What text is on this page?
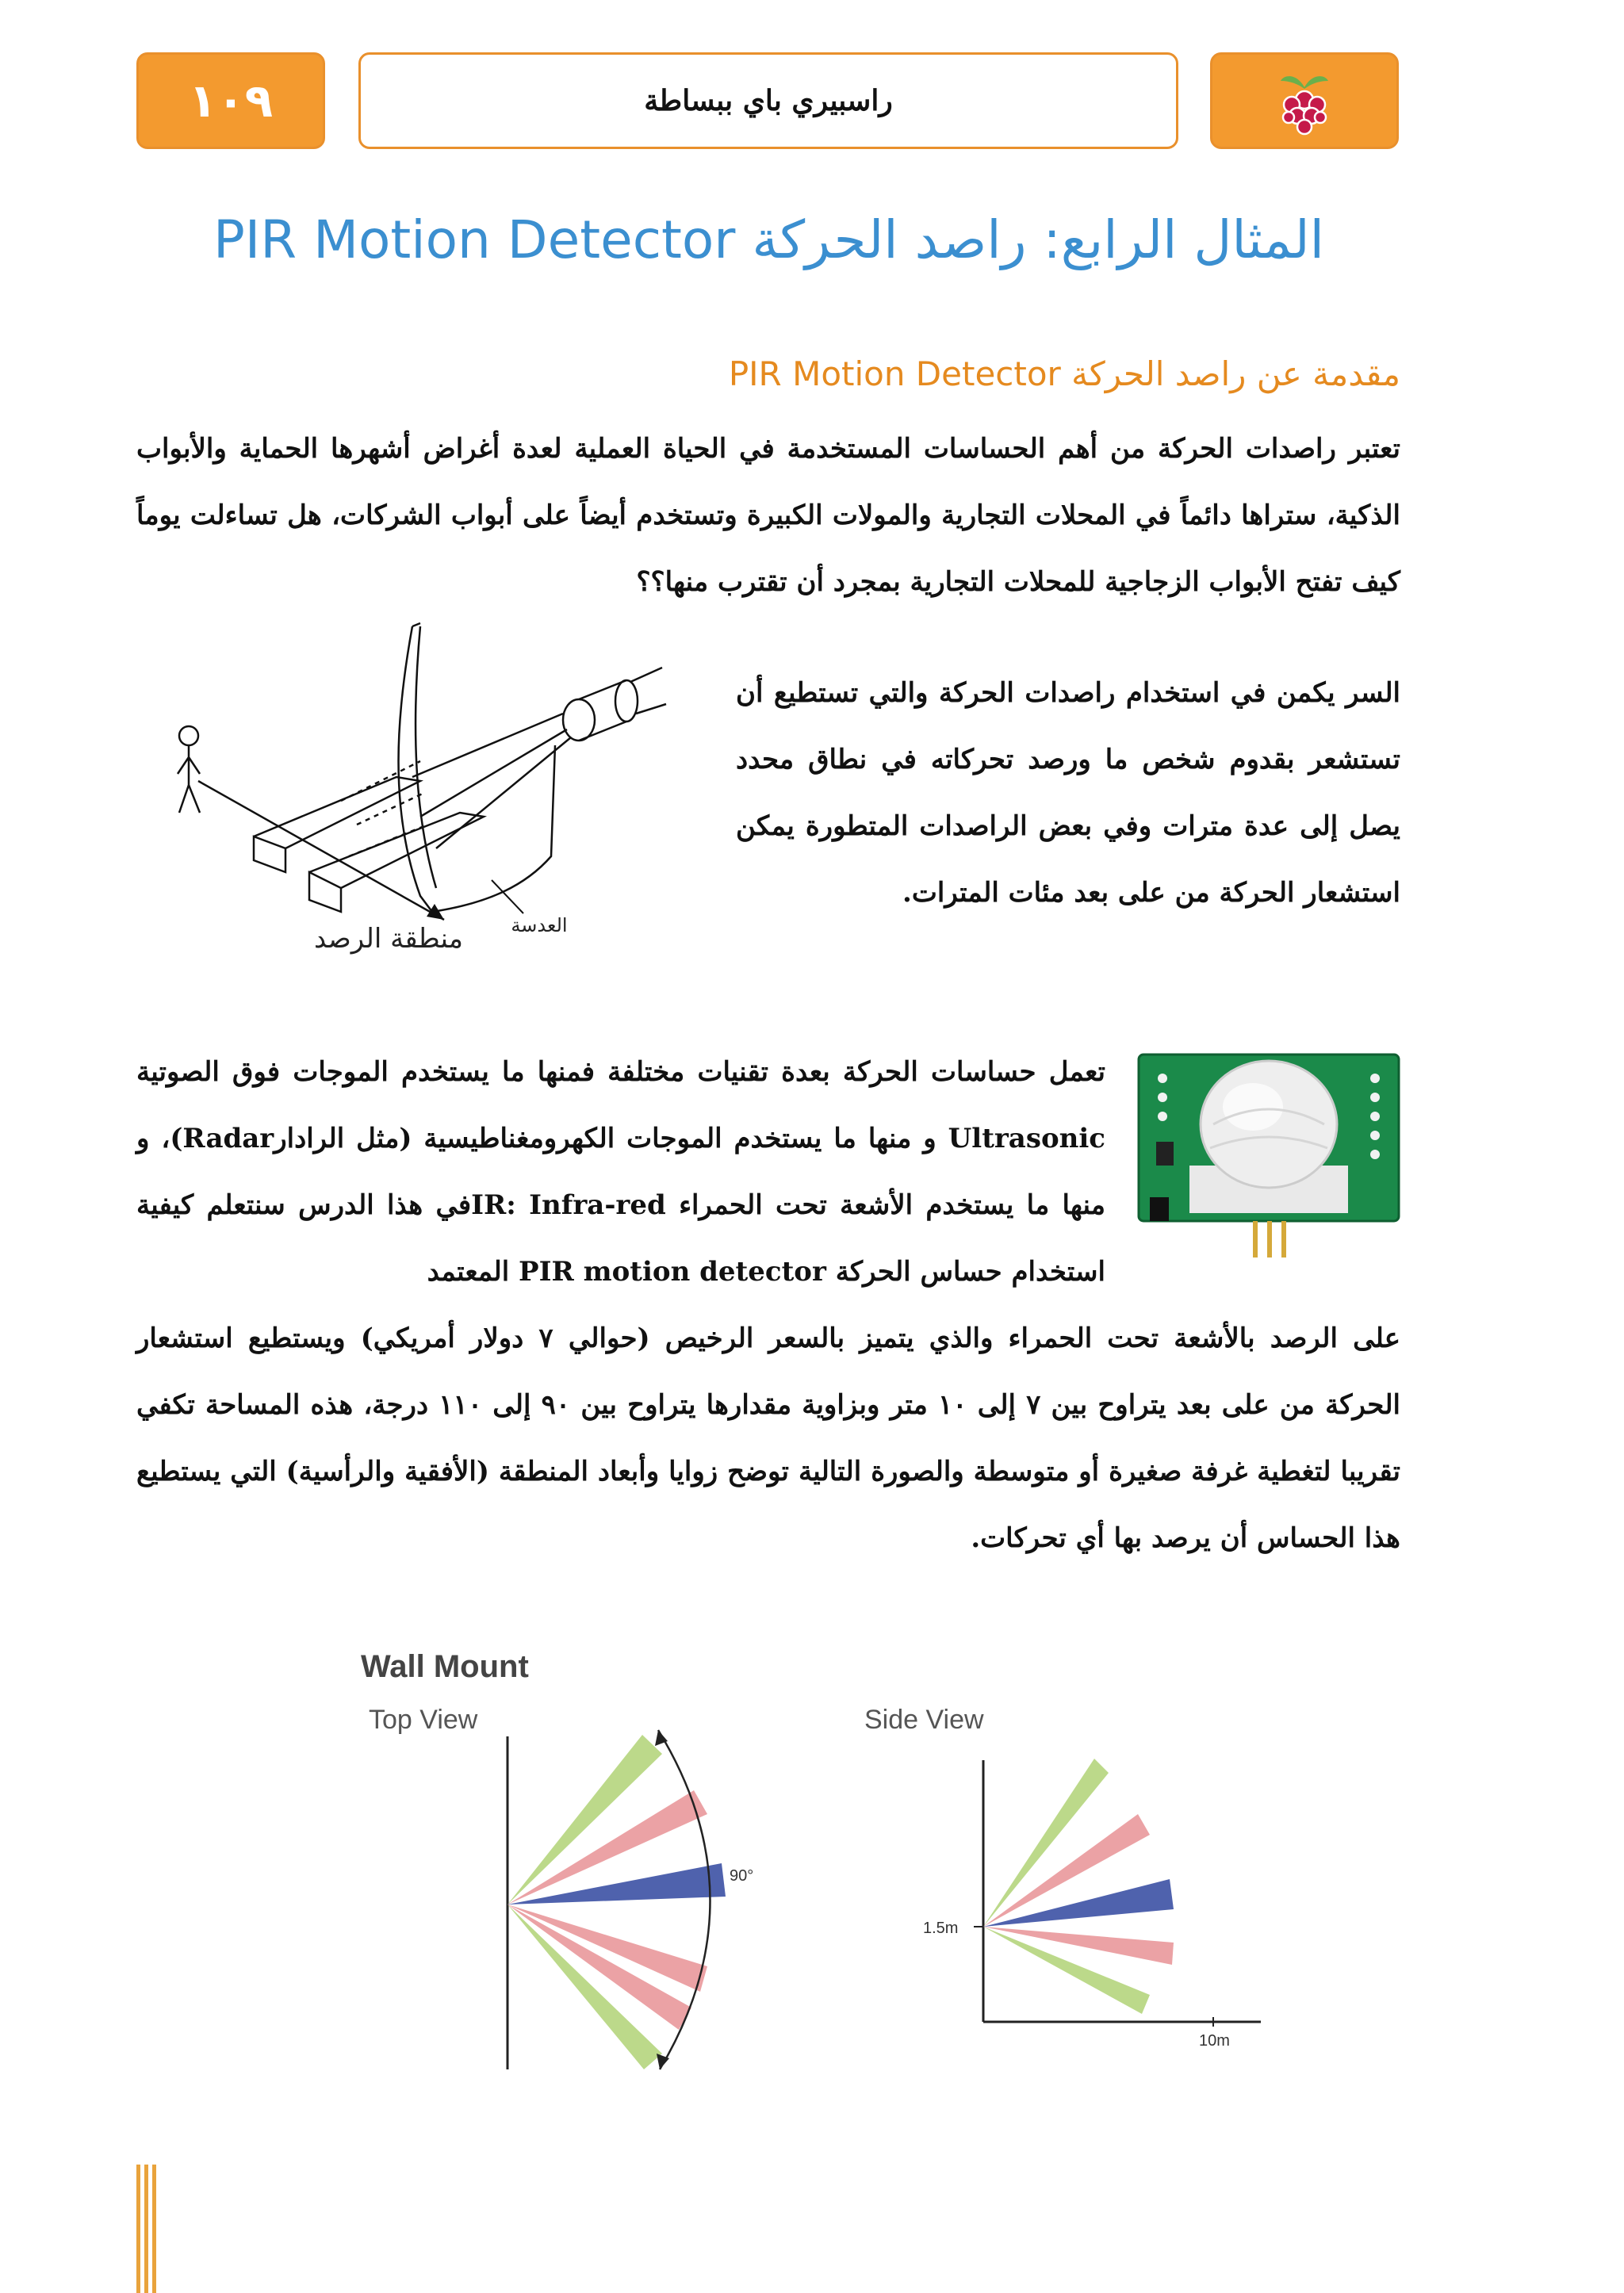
١٠٩	راسبيري باي ببساطة
المثال الرابع: راصد الحركة PIR Motion Detector
مقدمة عن راصد الحركة PIR Motion Detector

تعتبر راصدات الحركة من أهم الحساسات المستخدمة في الحياة العملية لعدة أغراض أشهرها الحماية والأبواب الذكية، ستراها دائماً في المحلات التجارية والمولات الكبيرة وتستخدم أيضاً على أبواب الشركات، هل تساءلت يوماً كيف تفتح الأبواب الزجاجية للمحلات التجارية بمجرد أن تقترب منها؟؟

السر يكمن في استخدام راصدات الحركة والتي تستطيع أن تستشعر بقدوم شخص ما ورصد تحركاته في نطاق محدد يصل إلى عدة مترات وفي بعض الراصدات المتطورة يمكن استشعار الحركة من على بعد مئات المترات.

تعمل حساسات الحركة بعدة تقنيات مختلفة فمنها ما يستخدم الموجات فوق الصوتية Ultrasonic و منها ما يستخدم الموجات الكهرومغناطيسية (مثل الرادارRadar)، و منها ما يستخدم الأشعة تحت الحمراء IR: Infra-redفي هذا الدرس سنتعلم كيفية استخدام حساس الحركة PIR motion detector المعتمد

على الرصد بالأشعة تحت الحمراء والذي يتميز بالسعر الرخيص (حوالي ٧ دولار أمريكي) ويستطيع استشعار الحركة من على بعد يتراوح بين ٧ إلى ١٠ متر وبزاوية مقدارها يتراوح بين ٩٠ إلى ١١٠ درجة، هذه المساحة تكفي تقريبا لتغطية غرفة صغيرة أو متوسطة والصورة التالية توضح زوايا وأبعاد المنطقة (الأفقية والرأسية) التي يستطيع هذا الحساس أن يرصد بها أي تحركات.

العدسة
منطقة الرصد
Wall Mount
Top View	Side View
90°
1.5m
10m
